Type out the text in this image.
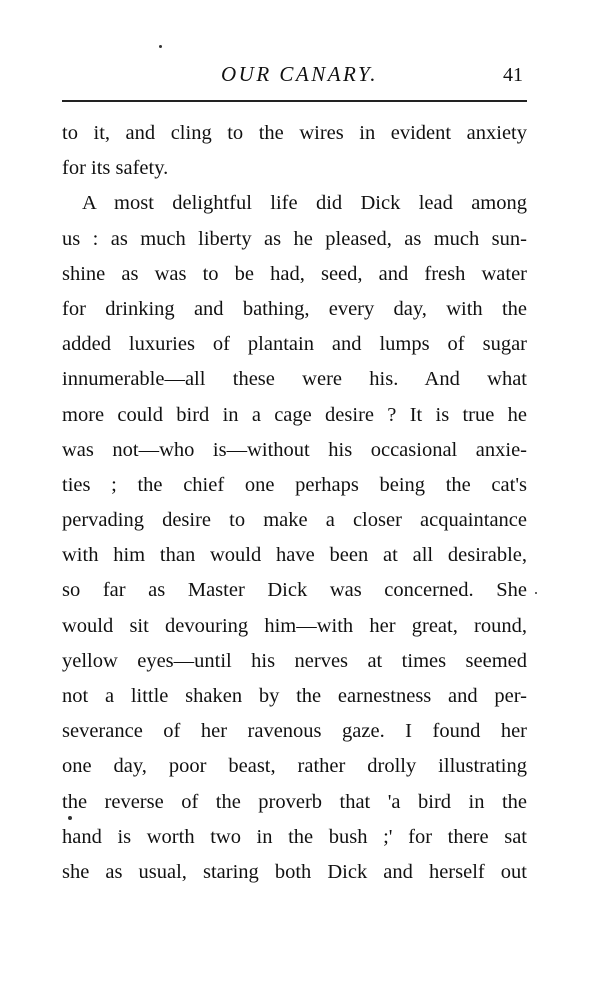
OUR CANARY.	41
to it, and cling to the wires in evident anxiety
for its safety.
A most delightful life did Dick lead among
us : as much liberty as he pleased, as much sun-
shine as was to be had, seed, and fresh water
for drinking and bathing, every day, with the
added luxuries of plantain and lumps of sugar
innumerable—all these were his. And what
more could bird in a cage desire ? It is true he
was not—who is—without his occasional anxie-
ties ; the chief one perhaps being the cat's
pervading desire to make a closer acquaintance
with him than would have been at all desirable,
so far as Master Dick was concerned. She
would sit devouring him—with her great, round,
yellow eyes—until his nerves at times seemed
not a little shaken by the earnestness and per-
severance of her ravenous gaze. I found her
one day, poor beast, rather drolly illustrating
the reverse of the proverb that 'a bird in the
hand is worth two in the bush ;' for there sat
she as usual, staring both Dick and herself out
